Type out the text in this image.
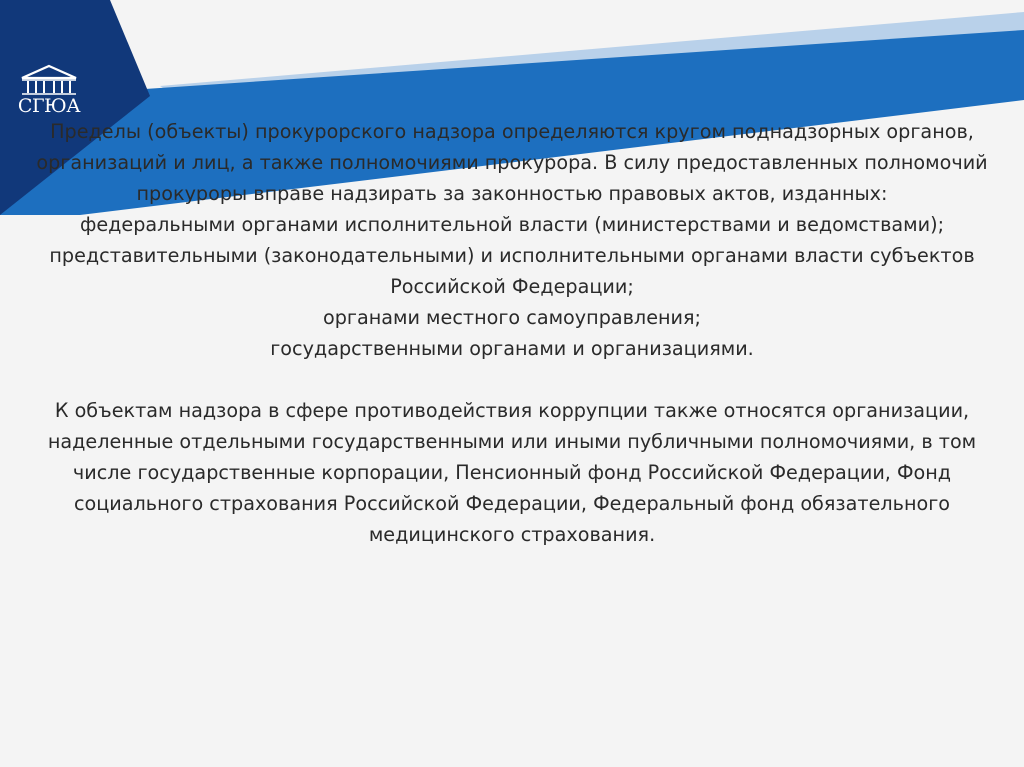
СГЮА

Пределы (объекты) прокурорского надзора определяются кругом поднадзорных органов, организаций и лиц, а также полномочиями прокурора. В силу предоставленных полномочий прокуроры вправе надзирать за законностью правовых актов, изданных:

федеральными органами исполнительной власти (министерствами и ведомствами);

представительными (законодательными) и исполнительными органами власти субъектов Российской Федерации;

органами местного самоуправления;

государственными органами и организациями.

К объектам надзора в сфере противодействия коррупции также относятся организации, наделенные отдельными государственными или иными публичными полномочиями, в том числе государственные корпорации, Пенсионный фонд Российской Федерации, Фонд социального страхования Российской Федерации, Федеральный фонд обязательного медицинского страхования.
